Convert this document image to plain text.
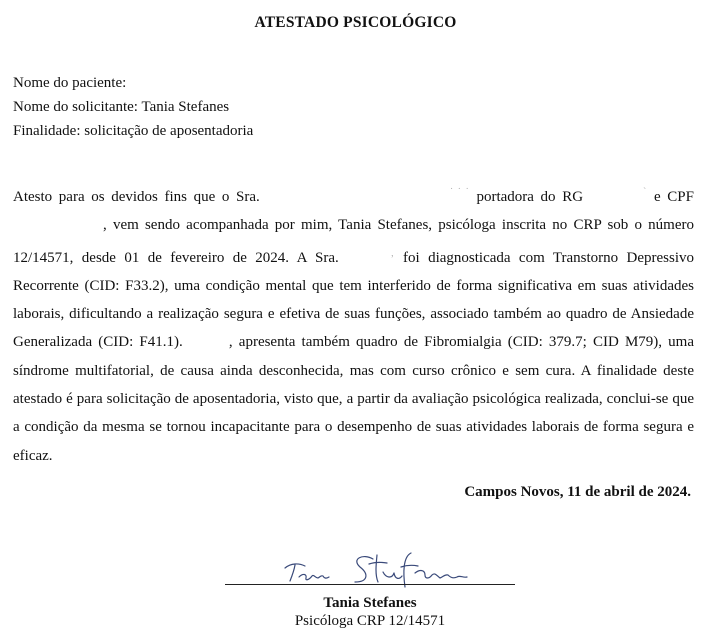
ATESTADO PSICOLÓGICO
Nome do paciente:
Nome do solicitante: Tania Stefanes
Finalidade: solicitação de aposentadoria
Atesto para os devidos fins que o Sra.	˙ ˙ ˙ portadora do RG	` e CPF , vem sendo acompanhada por mim, Tania Stefanes, psicóloga inscrita no CRP sob o número 12/14571, desde 01 de fevereiro de 2024. A Sra.	, foi diagnosticada com Transtorno Depressivo Recorrente (CID: F33.2), uma condição mental que tem interferido de forma significativa em suas atividades laborais, dificultando a realização segura e efetiva de suas funções, associado também ao quadro de Ansiedade Generalizada (CID: F41.1).	, apresenta também quadro de Fibromialgia (CID: 379.7; CID M79), uma síndrome multifatorial, de causa ainda desconhecida, mas com curso crônico e sem cura. A finalidade deste atestado é para solicitação de aposentadoria, visto que, a partir da avaliação psicológica realizada, conclui-se que a condição da mesma se tornou incapacitante para o desempenho de suas atividades laborais de forma segura e eficaz.
Campos Novos, 11 de abril de 2024.
Tania Stefanes
Psicóloga CRP 12/14571
